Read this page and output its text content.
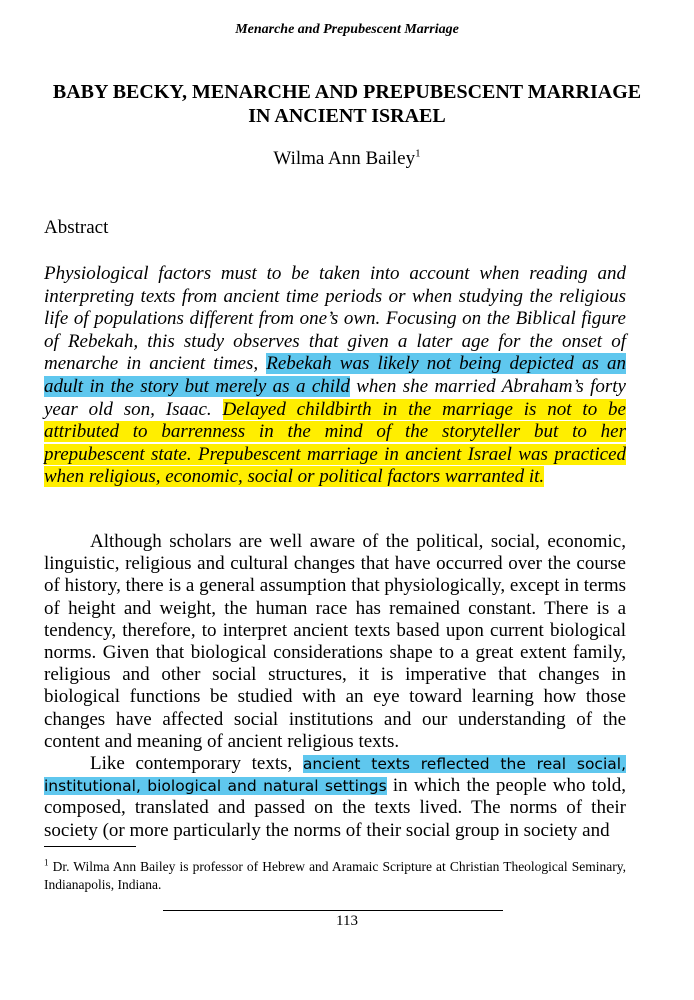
Menarche and Prepubescent Marriage
BABY BECKY, MENARCHE AND PREPUBESCENT MARRIAGE
IN ANCIENT ISRAEL
Wilma Ann Bailey$^1$
Abstract

Physiological factors must to be taken into account when reading and interpreting texts from ancient time periods or when studying the religious life of populations different from one’s own. Focusing on the Biblical figure of Rebekah, this study observes that given a later age for the onset of menarche in ancient times, Rebekah was likely not being depicted as an adult in the story but merely as a child when she married Abraham’s forty year old son, Isaac. Delayed childbirth in the marriage is not to be attributed to barrenness in the mind of the storyteller but to her prepubescent state. Prepubescent marriage in ancient Israel was practiced when religious, economic, social or political factors warranted it.

Although scholars are well aware of the political, social, economic, linguistic, religious and cultural changes that have occurred over the course of history, there is a general assumption that physiologically, except in terms of height and weight, the human race has remained constant. There is a tendency, therefore, to interpret ancient texts based upon current biological norms. Given that biological considerations shape to a great extent family, religious and other social structures, it is imperative that changes in biological functions be studied with an eye toward learning how those changes have affected social institutions and our understanding of the content and meaning of ancient religious texts.

Like contemporary texts, ancient texts reflected the real social, institutional, biological and natural settings in which the people who told, composed, translated and passed on the texts lived. The norms of their society (or more particularly the norms of their social group in society and

$^1$ Dr. Wilma Ann Bailey is professor of Hebrew and Aramaic Scripture at Christian Theological Seminary, Indianapolis, Indiana.

113
